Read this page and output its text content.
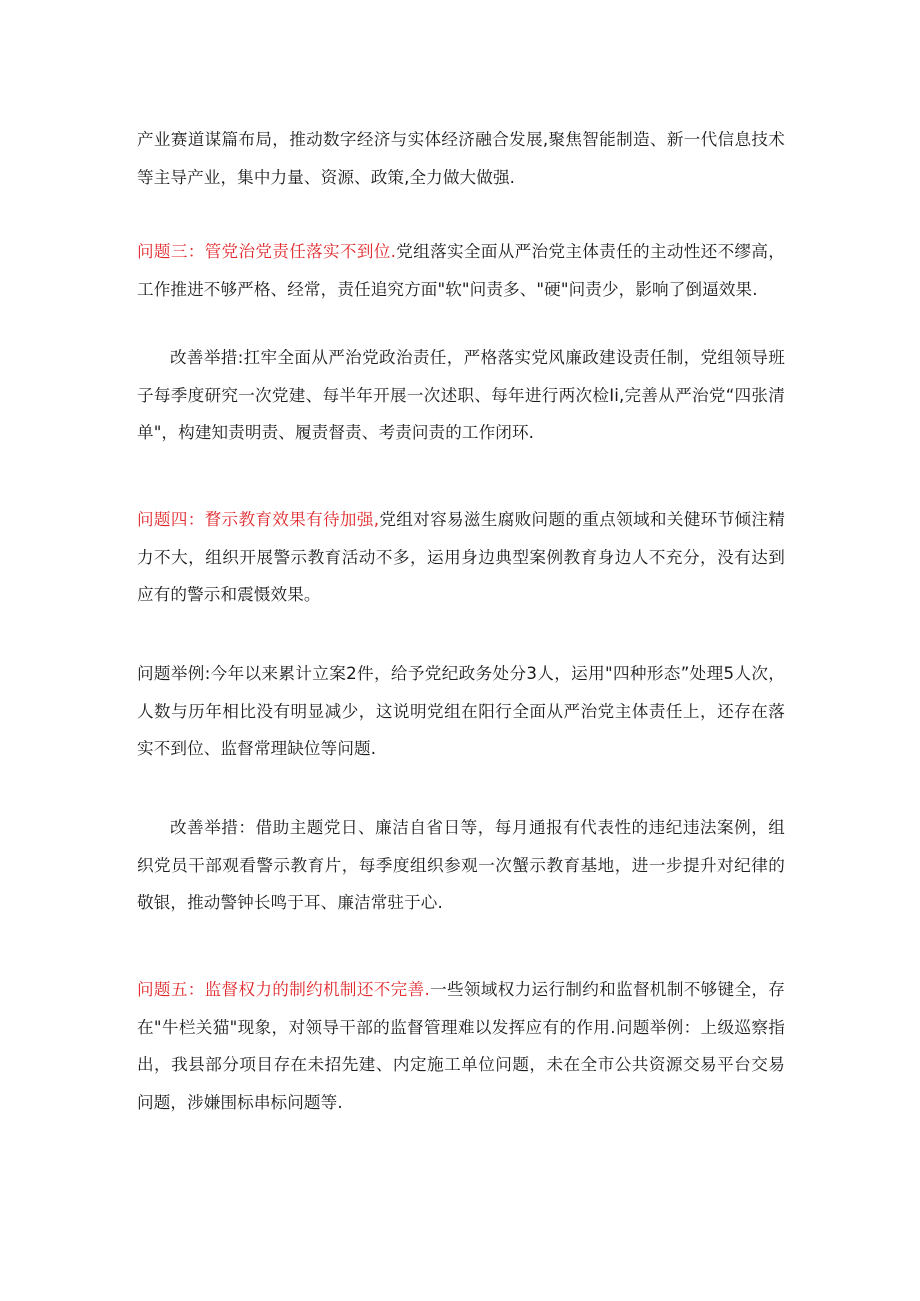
产业赛道谋篇布局，推动数字经济与实体经济融合发展,聚焦智能制造、新一代信息技术等主导产业，集中力量、资源、政策,全力做大做强.

问题三：管党治党责任落实不到位.党组落实全面从严治党主体责任的主动性还不缪高，工作推进不够严格、经常，责任追究方面"软"问责多、"硬"问责少，影响了倒逼效果.

改善举措:扛牢全面从严治党政治责任，严格落实党风廉政建设责任制，党组领导班子每季度研究一次党建、每半年开展一次述职、每年进行两次检Ii,完善从严治党“四张清单"，构建知责明责、履责督责、考责问责的工作闭环.

问题四：瞀示教育效果有待加强,党组对容易滋生腐败问题的重点领域和关健环节倾注精力不大，组织开展警示教育活动不多，运用身边典型案例教育身边人不充分，没有达到应有的警示和震慑效果。

问题举例:今年以来累计立案2件，给予党纪政务处分3人，运用"四种形态”处理5人次，人数与历年相比没有明显减少，这说明党组在阳行全面从严治党主体责任上，还存在落实不到位、监督常理缺位等问题.

改善举措：借助主题党日、廉洁自省日等，每月通报有代表性的违纪违法案例，组织党员干部观看警示教育片，每季度组织参观一次蟹示教育基地，进一步提升对纪律的敬银，推动警钟长鸣于耳、廉洁常驻于心.

问题五：监督权力的制约机制还不完善.一些领域权力运行制约和监督机制不够键全，存在"牛栏关猫"现象，对领导干部的监督管理难以发挥应有的作用.问题举例：上级巡察指出，我县部分项目存在未招先建、内定施工单位问题，未在全市公共资源交易平台交易问题，涉嫌围标串标问题等.
